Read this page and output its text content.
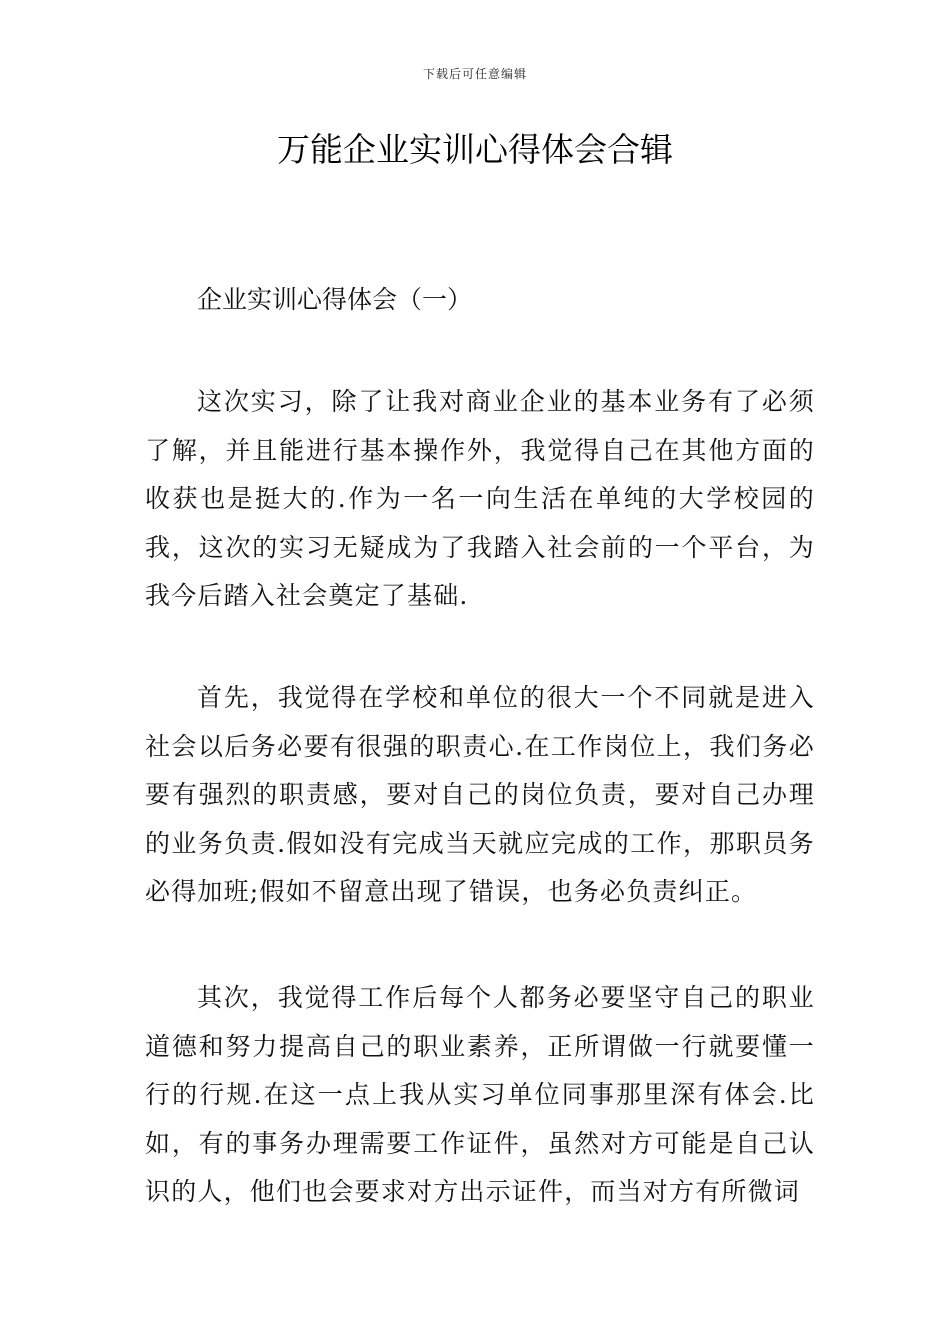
下载后可任意编辑
万能企业实训心得体会合辑
企业实训心得体会（一）

这次实习，除了让我对商业企业的基本业务有了必须了解，并且能进行基本操作外，我觉得自己在其他方面的收获也是挺大的.作为一名一向生活在单纯的大学校园的我，这次的实习无疑成为了我踏入社会前的一个平台，为我今后踏入社会奠定了基础.

首先，我觉得在学校和单位的很大一个不同就是进入社会以后务必要有很强的职责心.在工作岗位上，我们务必要有强烈的职责感，要对自己的岗位负责，要对自己办理的业务负责.假如没有完成当天就应完成的工作，那职员务必得加班;假如不留意出现了错误，也务必负责纠正。

其次，我觉得工作后每个人都务必要坚守自己的职业道德和努力提高自己的职业素养，正所谓做一行就要懂一行的行规.在这一点上我从实习单位同事那里深有体会.比如，有的事务办理需要工作证件，虽然对方可能是自己认识的人，他们也会要求对方出示证件，而当对方有所微词
